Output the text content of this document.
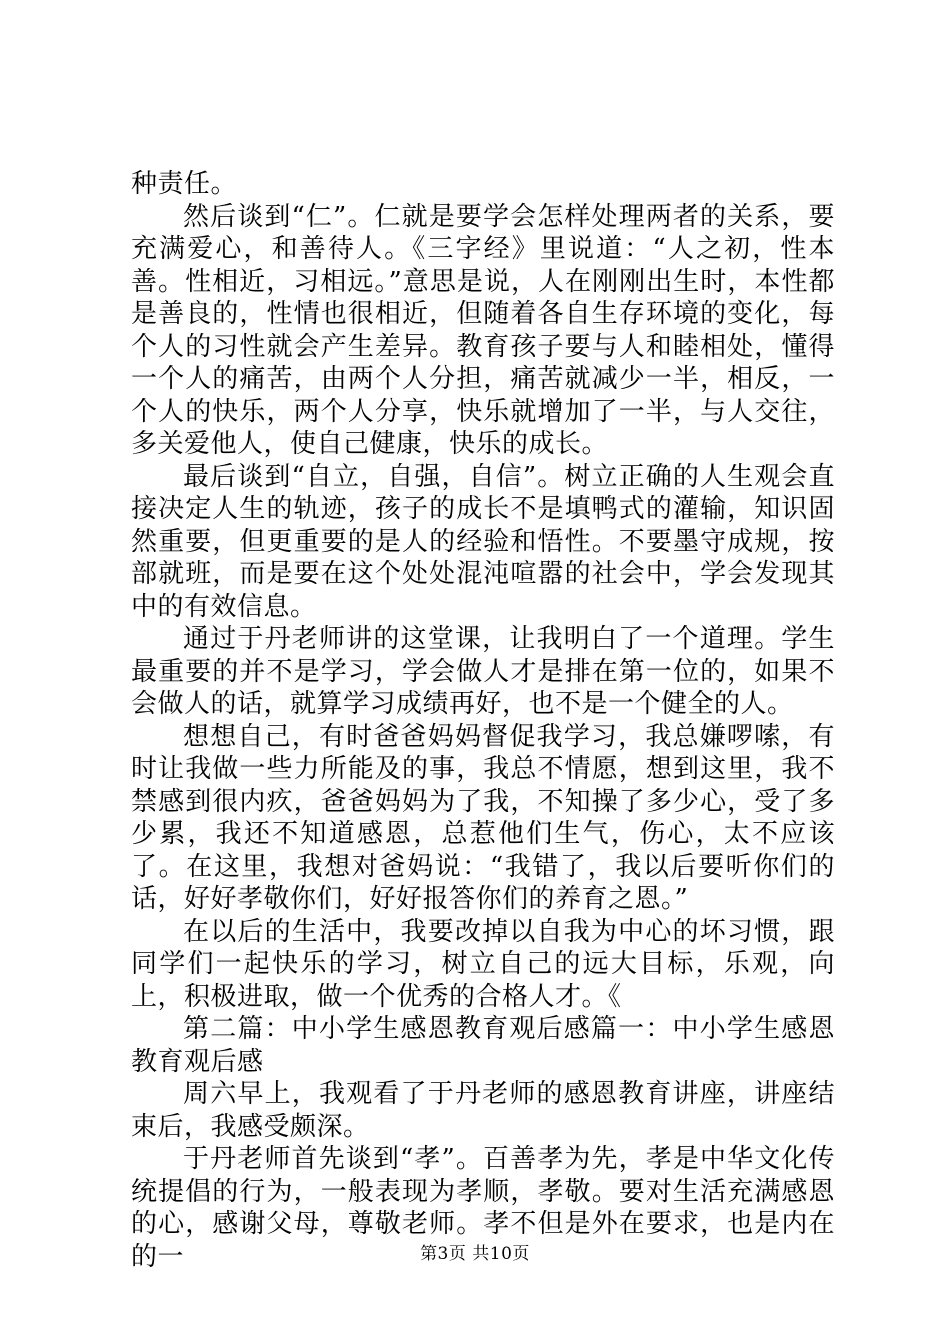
种责任。

然后谈到“仁”。仁就是要学会怎样处理两者的关系，要充满爱心，和善待人。《三字经》里说道：“人之初，性本善。性相近，习相远。”意思是说，人在刚刚出生时，本性都是善良的，性情也很相近，但随着各自生存环境的变化，每个人的习性就会产生差异。教育孩子要与人和睦相处，懂得一个人的痛苦，由两个人分担，痛苦就减少一半，相反，一个人的快乐，两个人分享，快乐就增加了一半，与人交往，多关爱他人，使自己健康，快乐的成长。

最后谈到“自立，自强，自信”。树立正确的人生观会直接决定人生的轨迹，孩子的成长不是填鸭式的灌输，知识固然重要，但更重要的是人的经验和悟性。不要墨守成规，按部就班，而是要在这个处处混沌喧嚣的社会中，学会发现其中的有效信息。

通过于丹老师讲的这堂课，让我明白了一个道理。学生最重要的并不是学习，学会做人才是排在第一位的，如果不会做人的话，就算学习成绩再好，也不是一个健全的人。

想想自己，有时爸爸妈妈督促我学习，我总嫌啰嗦，有时让我做一些力所能及的事，我总不情愿，想到这里，我不禁感到很内疚，爸爸妈妈为了我，不知操了多少心，受了多少累，我还不知道感恩，总惹他们生气，伤心，太不应该了。在这里，我想对爸妈说：“我错了，我以后要听你们的话，好好孝敬你们，好好报答你们的养育之恩。”

在以后的生活中，我要改掉以自我为中心的坏习惯，跟同学们一起快乐的学习，树立自己的远大目标，乐观，向上，积极进取，做一个优秀的合格人才。《

第二篇：中小学生感恩教育观后感篇一：中小学生感恩教育观后感

周六早上，我观看了于丹老师的感恩教育讲座，讲座结束后，我感受颇深。

于丹老师首先谈到“孝”。百善孝为先，孝是中华文化传统提倡的行为，一般表现为孝顺，孝敬。要对生活充满感恩的心，感谢父母，尊敬老师。孝不但是外在要求，也是内在的一	第3页 共10页
